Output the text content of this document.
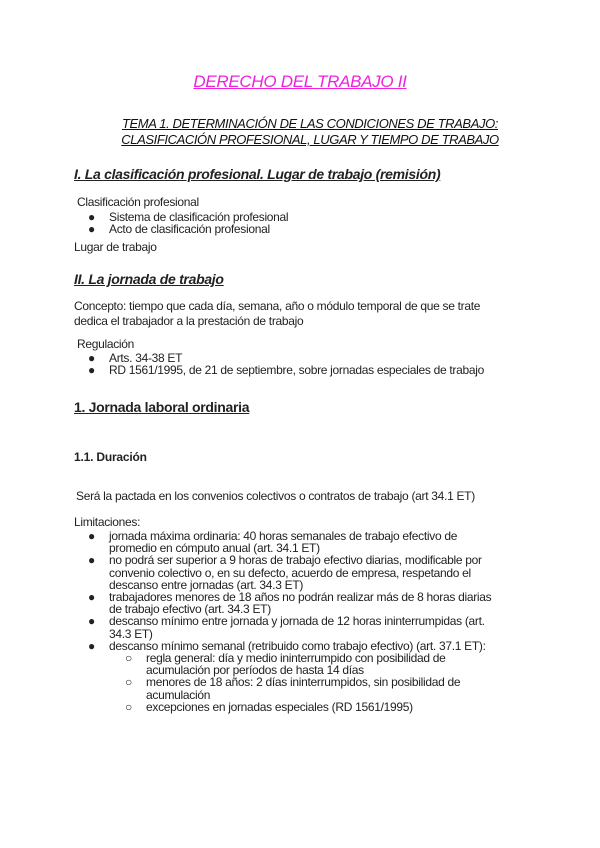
DERECHO DEL TRABAJO II
TEMA 1. DETERMINACIÓN DE LAS CONDICIONES DE TRABAJO:
CLASIFICACIÓN PROFESIONAL, LUGAR Y TIEMPO DE TRABAJO
I. La clasificación profesional. Lugar de trabajo (remisión)

Clasificación profesional

● Sistema de clasificación profesional
● Acto de clasificación profesional

Lugar de trabajo

II. La jornada de trabajo

Concepto: tiempo que cada día, semana, año o módulo temporal de que se trate
dedica el trabajador a la prestación de trabajo

Regulación

● Arts. 34-38 ET
● RD 1561/1995, de 21 de septiembre, sobre jornadas especiales de trabajo
1. Jornada laboral ordinaria
1.1. Duración

Será la pactada en los convenios colectivos o contratos de trabajo (art 34.1 ET)

Limitaciones:

● jornada máxima ordinaria: 40 horas semanales de trabajo efectivo de
promedio en cómputo anual (art. 34.1 ET)
● no podrá ser superior a 9 horas de trabajo efectivo diarias, modificable por
convenio colectivo o, en su defecto, acuerdo de empresa, respetando el
descanso entre jornadas (art. 34.3 ET)
● trabajadores menores de 18 años no podrán realizar más de 8 horas diarias
de trabajo efectivo (art. 34.3 ET)
● descanso mínimo entre jornada y jornada de 12 horas ininterrumpidas (art.
34.3 ET)
● descanso mínimo semanal (retribuido como trabajo efectivo) (art. 37.1 ET):
○ regla general: día y medio ininterrumpido con posibilidad de
acumulación por períodos de hasta 14 días
○ menores de 18 años: 2 días ininterrumpidos, sin posibilidad de
acumulación
○ excepciones en jornadas especiales (RD 1561/1995)
